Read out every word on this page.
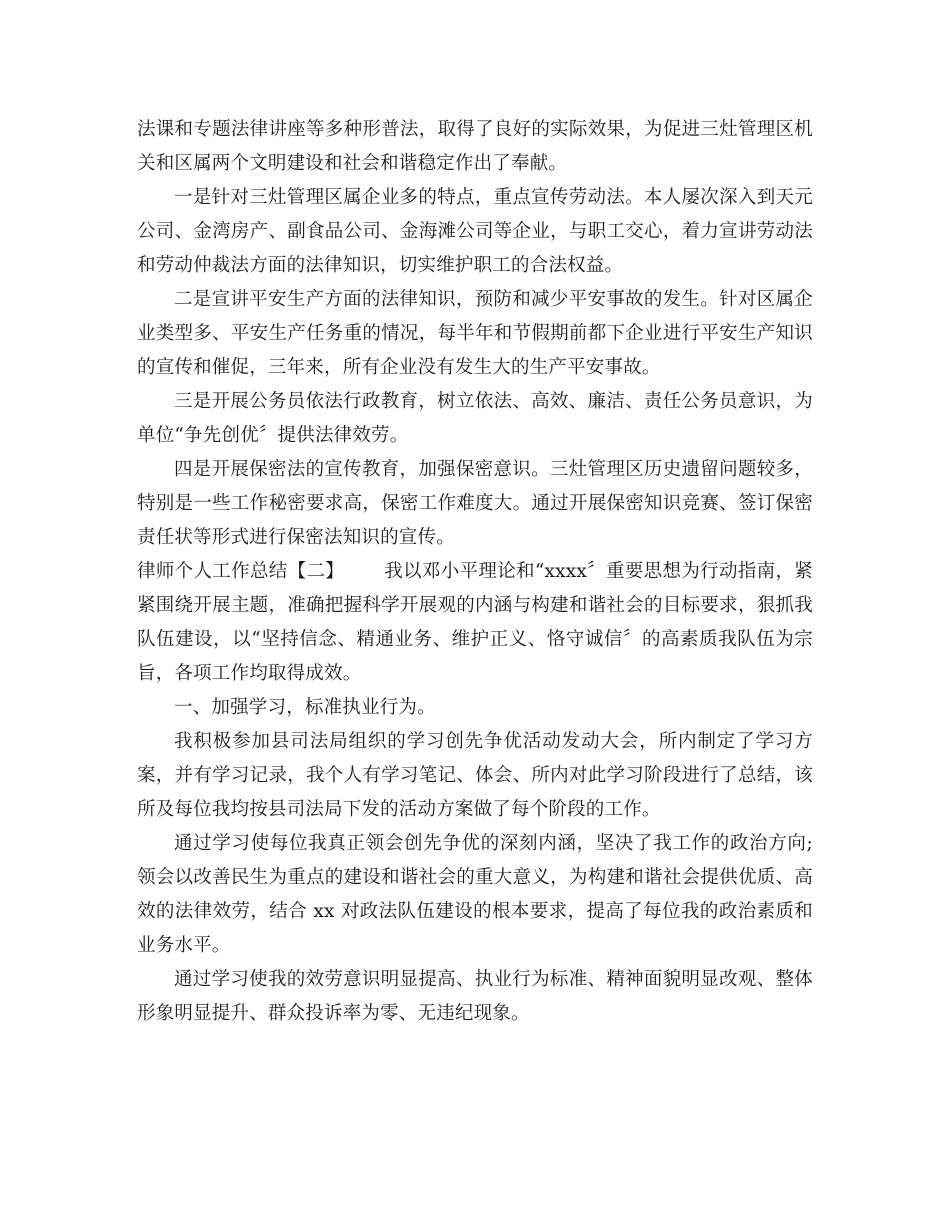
法课和专题法律讲座等多种形普法，取得了良好的实际效果，为促进三灶管理区机关和区属两个文明建设和社会和谐稳定作出了奉献。

一是针对三灶管理区属企业多的特点，重点宣传劳动法。本人屡次深入到天元公司、金湾房产、副食品公司、金海滩公司等企业，与职工交心，着力宣讲劳动法和劳动仲裁法方面的法律知识，切实维护职工的合法权益。

二是宣讲平安生产方面的法律知识，预防和减少平安事故的发生。针对区属企业类型多、平安生产任务重的情况，每半年和节假期前都下企业进行平安生产知识的宣传和催促，三年来，所有企业没有发生大的生产平安事故。

三是开展公务员依法行政教育，树立依法、高效、廉洁、责任公务员意识，为单位“争先创优〞提供法律效劳。

四是开展保密法的宣传教育，加强保密意识。三灶管理区历史遗留问题较多，特别是一些工作秘密要求高，保密工作难度大。通过开展保密知识竞赛、签订保密责任状等形式进行保密法知识的宣传。

律师个人工作总结【二】 我以邓小平理论和“xxxx〞重要思想为行动指南，紧紧围绕开展主题，准确把握科学开展观的内涵与构建和谐社会的目标要求，狠抓我队伍建设，以“坚持信念、精通业务、维护正义、恪守诚信〞的高素质我队伍为宗旨，各项工作均取得成效。

一、加强学习，标准执业行为。

我积极参加县司法局组织的学习创先争优活动发动大会，所内制定了学习方案，并有学习记录，我个人有学习笔记、体会、所内对此学习阶段进行了总结，该所及每位我均按县司法局下发的活动方案做了每个阶段的工作。

通过学习使每位我真正领会创先争优的深刻内涵，坚决了我工作的政治方向;领会以改善民生为重点的建设和谐社会的重大意义，为构建和谐社会提供优质、高效的法律效劳，结合 xx 对政法队伍建设的根本要求，提高了每位我的政治素质和业务水平。

通过学习使我的效劳意识明显提高、执业行为标准、精神面貌明显改观、整体形象明显提升、群众投诉率为零、无违纪现象。
